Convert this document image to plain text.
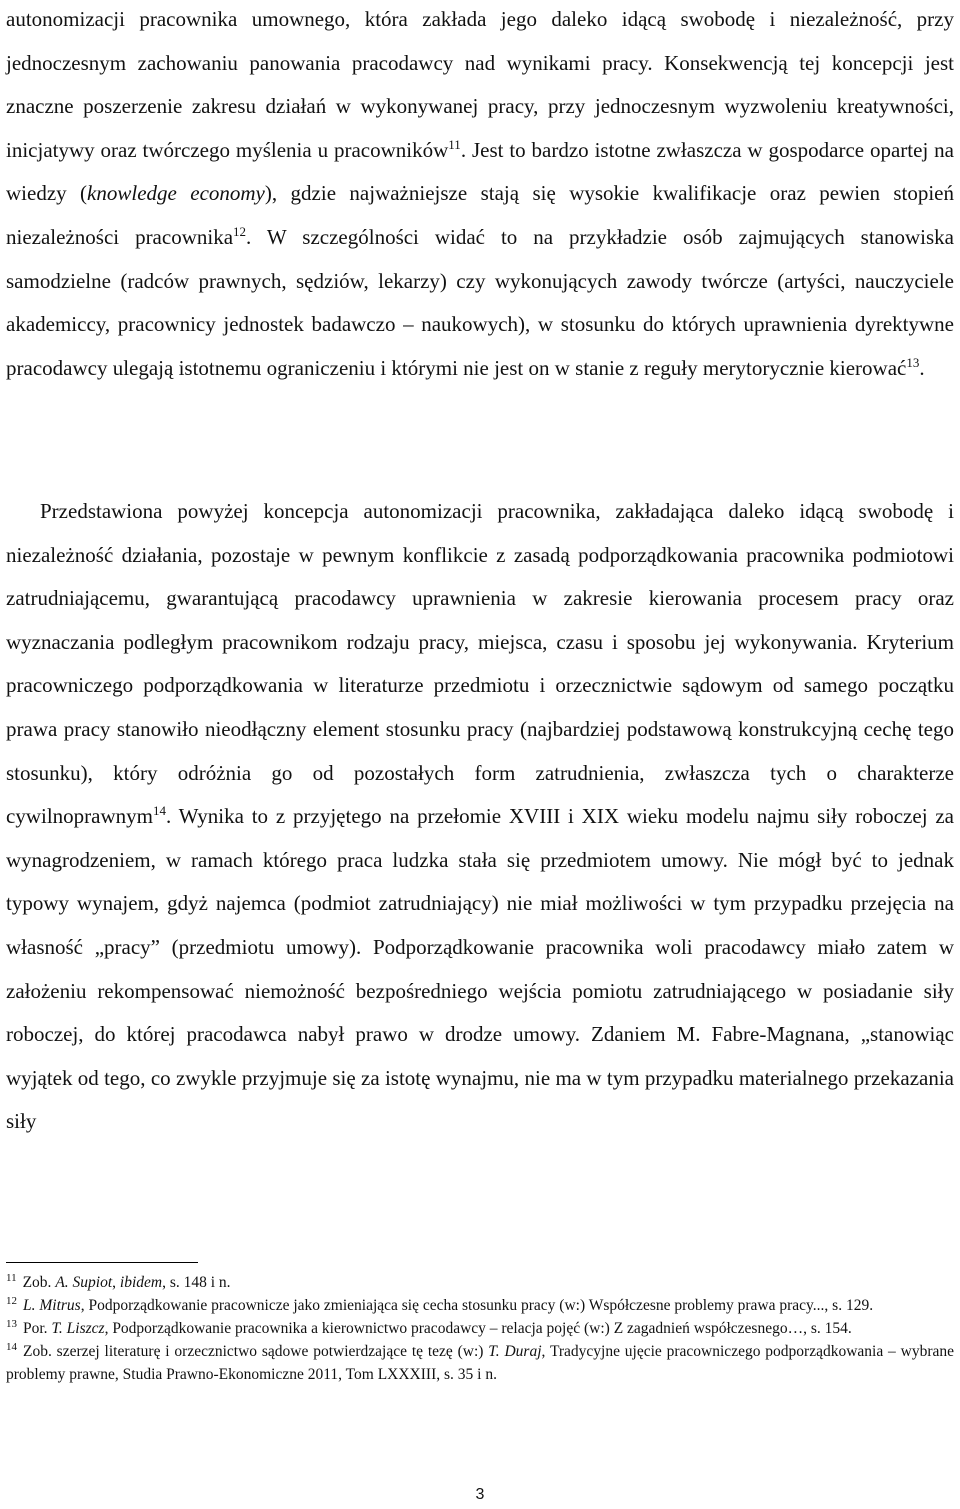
autonomizacji pracownika umownego, która zakłada jego daleko idącą swobodę i niezależność, przy jednoczesnym zachowaniu panowania pracodawcy nad wynikami pracy. Konsekwencją tej koncepcji jest znaczne poszerzenie zakresu działań w wykonywanej pracy, przy jednoczesnym wyzwoleniu kreatywności, inicjatywy oraz twórczego myślenia u pracowników$^{11}$. Jest to bardzo istotne zwłaszcza w gospodarce opartej na wiedzy (knowledge economy), gdzie najważniejsze stają się wysokie kwalifikacje oraz pewien stopień niezależności pracownika$^{12}$. W szczególności widać to na przykładzie osób zajmujących stanowiska samodzielne (radców prawnych, sędziów, lekarzy) czy wykonujących zawody twórcze (artyści, nauczyciele akademiccy, pracownicy jednostek badawczo – naukowych), w stosunku do których uprawnienia dyrektywne pracodawcy ulegają istotnemu ograniczeniu i którymi nie jest on w stanie z reguły merytorycznie kierować$^{13}$.

Przedstawiona powyżej koncepcja autonomizacji pracownika, zakładająca daleko idącą swobodę i niezależność działania, pozostaje w pewnym konflikcie z zasadą podporządkowania pracownika podmiotowi zatrudniającemu, gwarantującą pracodawcy uprawnienia w zakresie kierowania procesem pracy oraz wyznaczania podległym pracownikom rodzaju pracy, miejsca, czasu i sposobu jej wykonywania. Kryterium pracowniczego podporządkowania w literaturze przedmiotu i orzecznictwie sądowym od samego początku prawa pracy stanowiło nieodłączny element stosunku pracy (najbardziej podstawową konstrukcyjną cechę tego stosunku), który odróżnia go od pozostałych form zatrudnienia, zwłaszcza tych o charakterze cywilnoprawnym$^{14}$. Wynika to z przyjętego na przełomie XVIII i XIX wieku modelu najmu siły roboczej za wynagrodzeniem, w ramach którego praca ludzka stała się przedmiotem umowy. Nie mógł być to jednak typowy wynajem, gdyż najemca (podmiot zatrudniający) nie miał możliwości w tym przypadku przejęcia na własność „pracy” (przedmiotu umowy). Podporządkowanie pracownika woli pracodawcy miało zatem w założeniu rekompensować niemożność bezpośredniego wejścia pomiotu zatrudniającego w posiadanie siły roboczej, do której pracodawca nabył prawo w drodze umowy. Zdaniem M. Fabre-Magnana, „stanowiąc wyjątek od tego, co zwykle przyjmuje się za istotę wynajmu, nie ma w tym przypadku materialnego przekazania siły

$^{11}$ Zob. A. Supiot, ibidem, s. 148 i n.

$^{12}$ L. Mitrus, Podporządkowanie pracownicze jako zmieniająca się cecha stosunku pracy (w:) Współczesne problemy prawa pracy..., s. 129.

$^{13}$ Por. T. Liszcz, Podporządkowanie pracownika a kierownictwo pracodawcy – relacja pojęć (w:) Z zagadnień współczesnego…, s. 154.

$^{14}$ Zob. szerzej literaturę i orzecznictwo sądowe potwierdzające tę tezę (w:) T. Duraj, Tradycyjne ujęcie pracowniczego podporządkowania – wybrane problemy prawne, Studia Prawno-Ekonomiczne 2011, Tom LXXXIII, s. 35 i n.

3
